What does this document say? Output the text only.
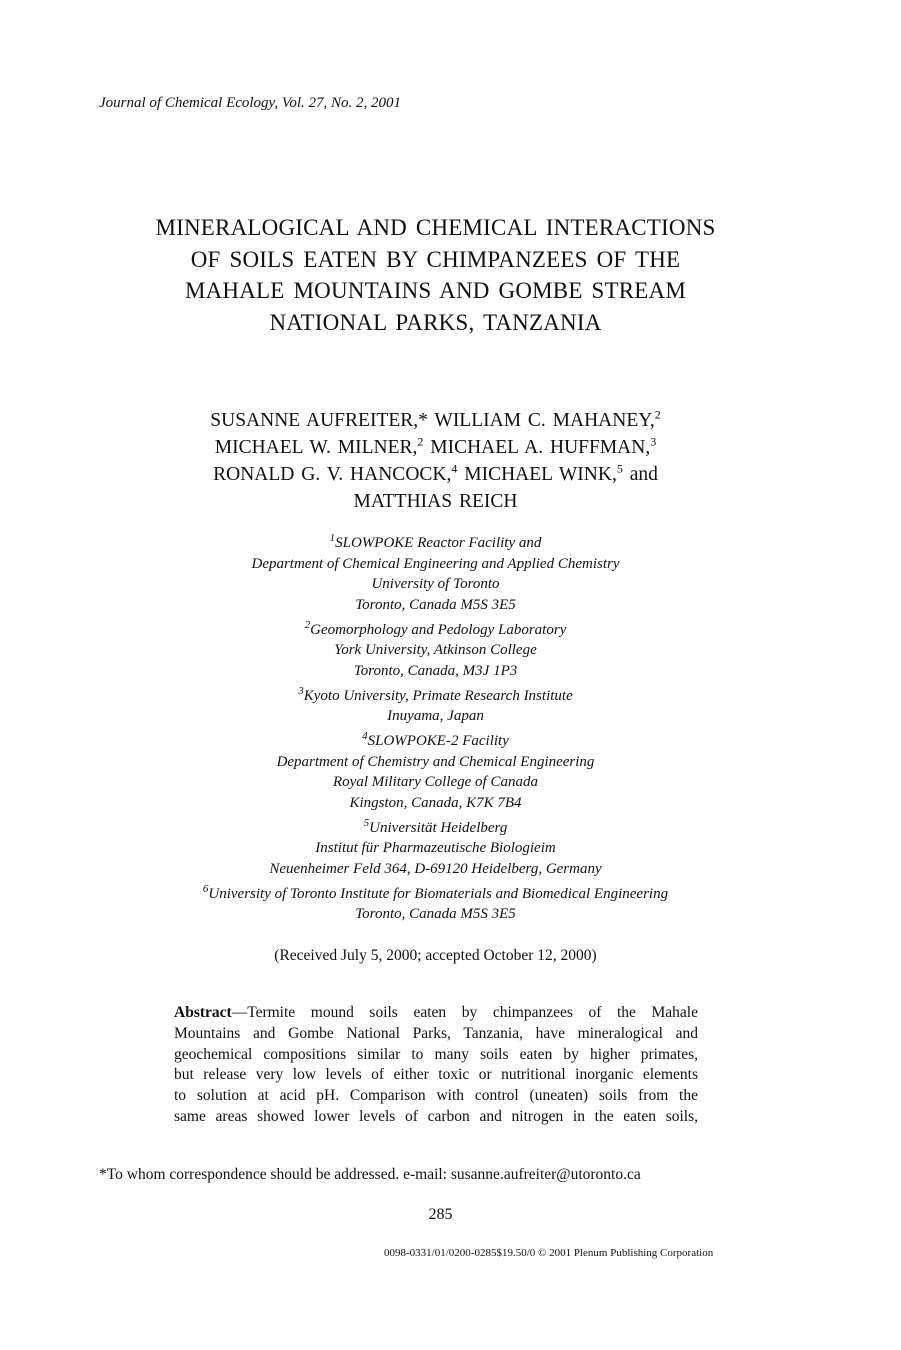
Journal of Chemical Ecology, Vol. 27, No. 2, 2001
MINERALOGICAL AND CHEMICAL INTERACTIONS
OF SOILS EATEN BY CHIMPANZEES OF THE
MAHALE MOUNTAINS AND GOMBE STREAM
NATIONAL PARKS, TANZANIA
SUSANNE AUFREITER,* WILLIAM C. MAHANEY,$^2$
MICHAEL W. MILNER,$^2$ MICHAEL A. HUFFMAN,$^3$
RONALD G. V. HANCOCK,$^4$ MICHAEL WINK,$^5$ and
MATTHIAS REICH
$^1$SLOWPOKE Reactor Facility and
Department of Chemical Engineering and Applied Chemistry
University of Toronto
Toronto, Canada M5S 3E5
$^2$Geomorphology and Pedology Laboratory
York University, Atkinson College
Toronto, Canada, M3J 1P3
$^3$Kyoto University, Primate Research Institute
Inuyama, Japan
$^4$SLOWPOKE-2 Facility
Department of Chemistry and Chemical Engineering
Royal Military College of Canada
Kingston, Canada, K7K 7B4
$^5$Universität Heidelberg
Institut für Pharmazeutische Biologieim
Neuenheimer Feld 364, D-69120 Heidelberg, Germany
$^6$University of Toronto Institute for Biomaterials and Biomedical Engineering
Toronto, Canada M5S 3E5
(Received July 5, 2000; accepted October 12, 2000)
Abstract—Termite mound soils eaten by chimpanzees of the Mahale
Mountains and Gombe National Parks, Tanzania, have mineralogical and
geochemical compositions similar to many soils eaten by higher primates,
but release very low levels of either toxic or nutritional inorganic elements
to solution at acid pH. Comparison with control (uneaten) soils from the
same areas showed lower levels of carbon and nitrogen in the eaten soils,
*To whom correspondence should be addressed. e-mail: susanne.aufreiter@utoronto.ca
285
0098-0331/01/0200-0285$19.50/0 © 2001 Plenum Publishing Corporation
